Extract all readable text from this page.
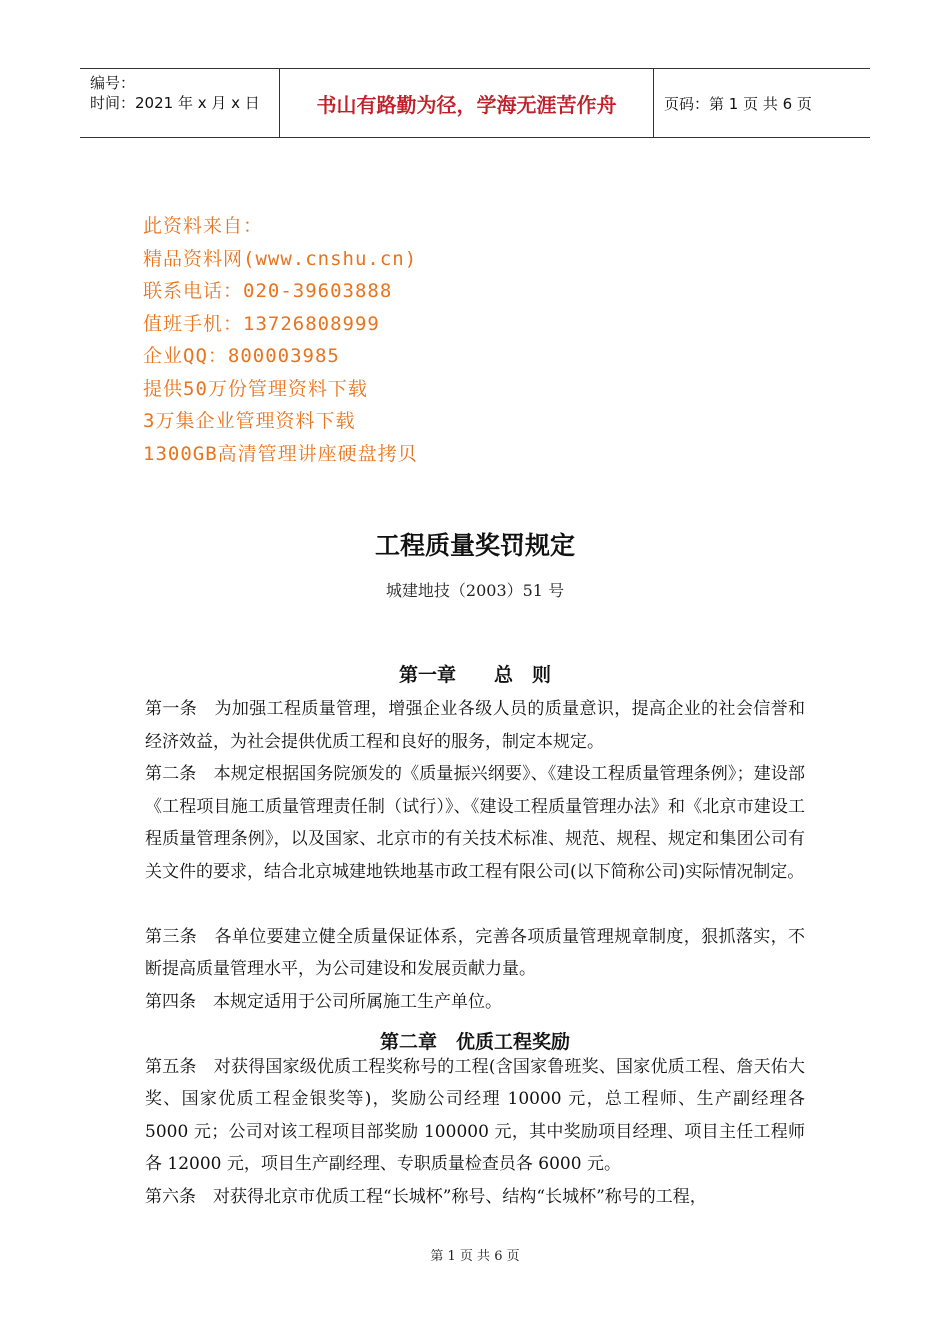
编号：
时间：2021 年 x 月 x 日	书山有路勤为径，学海无涯苦作舟	页码：第 1 页 共 6 页
此资料来自：
精品资料网(www.cnshu.cn)
联系电话：020-39603888
值班手机：13726808999
企业QQ：800003985
提供50万份管理资料下载
3万集企业管理资料下载
1300GB高清管理讲座硬盘拷贝
工程质量奖罚规定
城建地技（2003）51 号
第一章　　总　则
第一条　为加强工程质量管理，增强企业各级人员的质量意识，提高企业的社会信誉和经济效益，为社会提供优质工程和良好的服务，制定本规定。
第二条　本规定根据国务院颁发的《质量振兴纲要》、《建设工程质量管理条例》；建设部《工程项目施工质量管理责任制（试行）》、《建设工程质量管理办法》和《北京市建设工程质量管理条例》，以及国家、北京市的有关技术标准、规范、规程、规定和集团公司有关文件的要求，结合北京城建地铁地基市政工程有限公司(以下简称公司)实际情况制定。
第三条　各单位要建立健全质量保证体系，完善各项质量管理规章制度，狠抓落实，不断提高质量管理水平，为公司建设和发展贡献力量。
第四条　本规定适用于公司所属施工生产单位。
第五条　对获得国家级优质工程奖称号的工程(含国家鲁班奖、国家优质工程、詹天佑大奖、国家优质工程金银奖等)，奖励公司经理 10000 元，总工程师、生产副经理各 5000 元；公司对该工程项目部奖励 100000 元，其中奖励项目经理、项目主任工程师各 12000 元，项目生产副经理、专职质量检查员各 6000 元。
第六条　对获得北京市优质工程“长城杯”称号、结构“长城杯”称号的工程，
第二章　优质工程奖励
第 1 页 共 6 页
